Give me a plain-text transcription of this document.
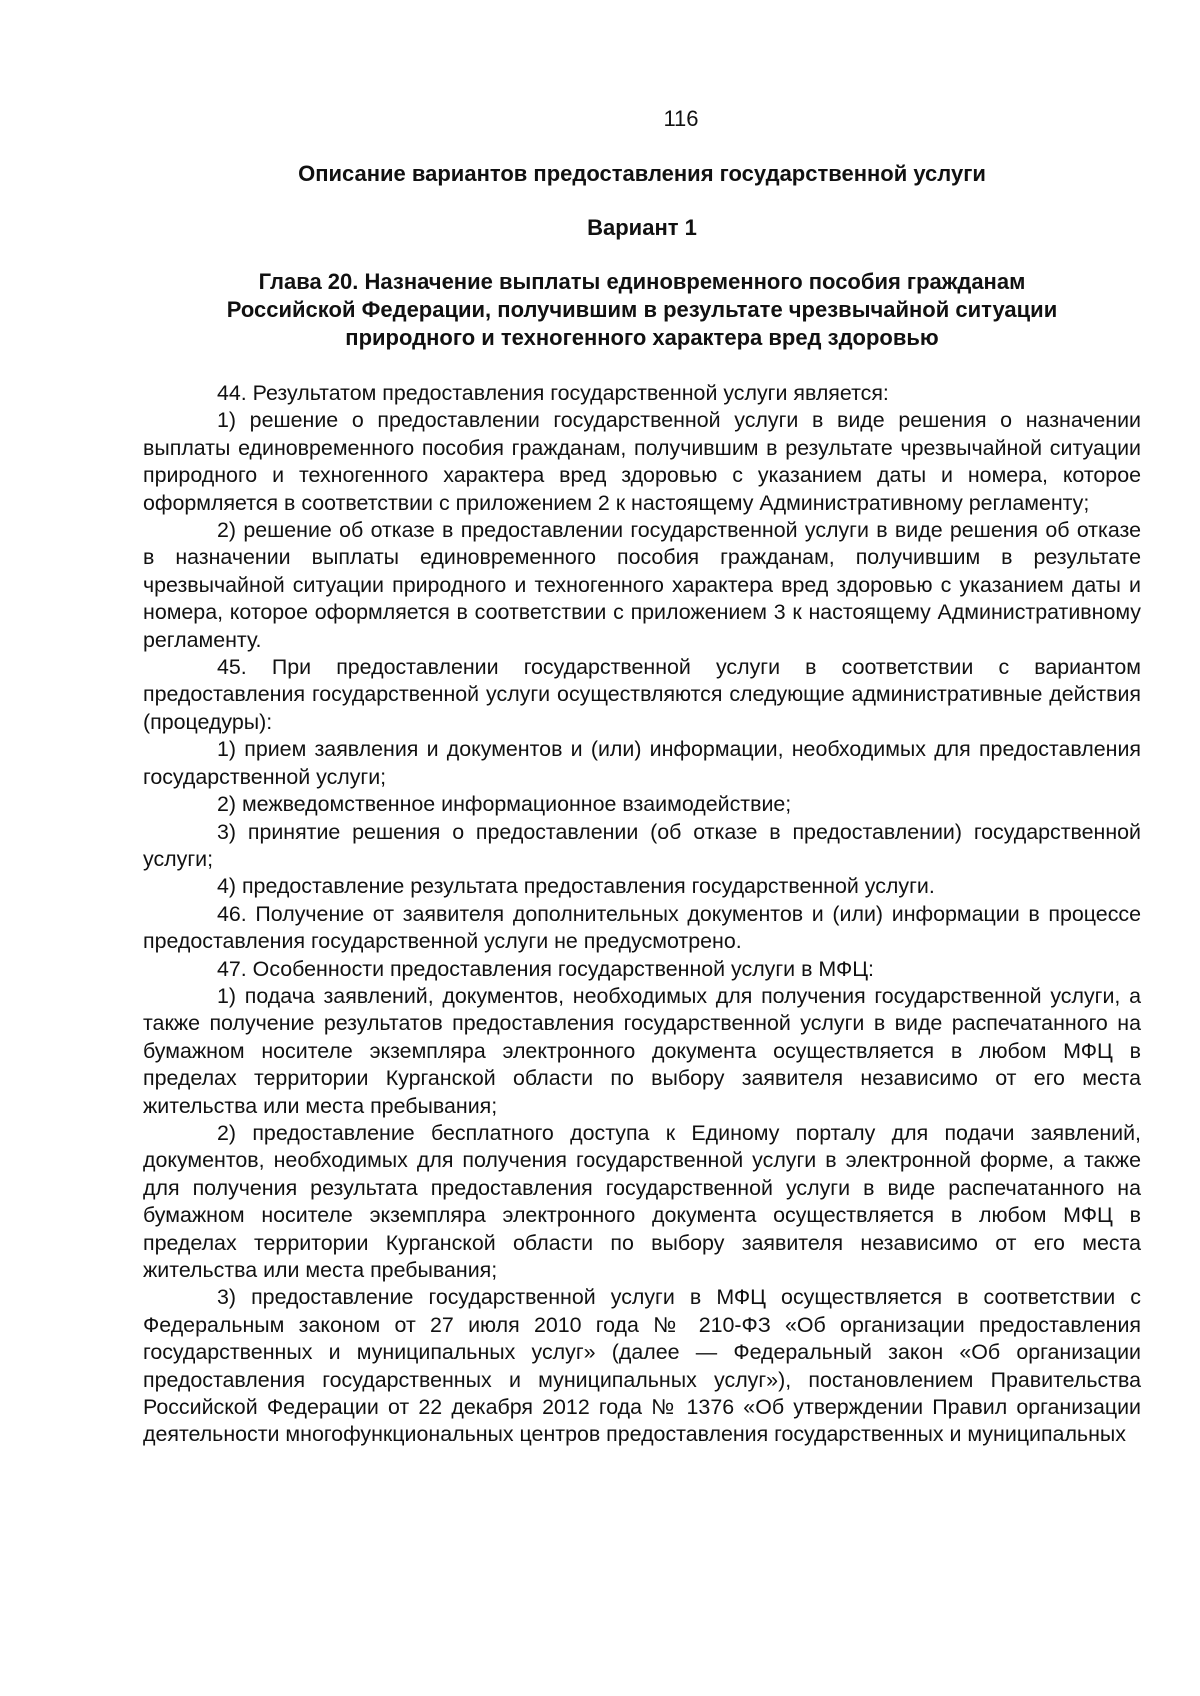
116
Описание вариантов предоставления государственной услуги
Вариант 1
Глава 20. Назначение выплаты единовременного пособия гражданам
Российской Федерации, получившим в результате чрезвычайной ситуации
природного и техногенного характера вред здоровью

44. Результатом предоставления государственной услуги является:

1) решение о предоставлении государственной услуги в виде решения о назначении выплаты единовременного пособия гражданам, получившим в результате чрезвычайной ситуации природного и техногенного характера вред здоровью с указанием даты и номера, которое оформляется в соответствии с приложением 2 к настоящему Административному регламенту;

2) решение об отказе в предоставлении государственной услуги в виде решения об отказе в назначении выплаты единовременного пособия гражданам, получившим в результате чрезвычайной ситуации природного и техногенного характера вред здоровью с указанием даты и номера, которое оформляется в соответствии с приложением 3 к настоящему Административному регламенту.

45. При предоставлении государственной услуги в соответствии с вариантом предоставления государственной услуги осуществляются следующие административные действия (процедуры):

1) прием заявления и документов и (или) информации, необходимых для предоставления государственной услуги;

2) межведомственное информационное взаимодействие;

3) принятие решения о предоставлении (об отказе в предоставлении) государственной услуги;

4) предоставление результата предоставления государственной услуги.

46. Получение от заявителя дополнительных документов и (или) информации в процессе предоставления государственной услуги не предусмотрено.

47. Особенности предоставления государственной услуги в МФЦ:

1) подача заявлений, документов, необходимых для получения государственной услуги, а также получение результатов предоставления государственной услуги в виде распечатанного на бумажном носителе экземпляра электронного документа осуществляется в любом МФЦ в пределах территории Курганской области по выбору заявителя независимо от его места жительства или места пребывания;

2) предоставление бесплатного доступа к Единому порталу для подачи заявлений, документов, необходимых для получения государственной услуги в электронной форме, а также для получения результата предоставления государственной услуги в виде распечатанного на бумажном носителе экземпляра электронного документа осуществляется в любом МФЦ в пределах территории Курганской области по выбору заявителя независимо от его места жительства или места пребывания;

3) предоставление государственной услуги в МФЦ осуществляется в соответствии с Федеральным законом от 27 июля 2010 года № 210-ФЗ «Об организации предоставления государственных и муниципальных услуг» (далее — Федеральный закон «Об организации предоставления государственных и муниципальных услуг»), постановлением Правительства Российской Федерации от 22 декабря 2012 года № 1376 «Об утверждении Правил организации деятельности многофункциональных центров предоставления государственных и муниципальных
